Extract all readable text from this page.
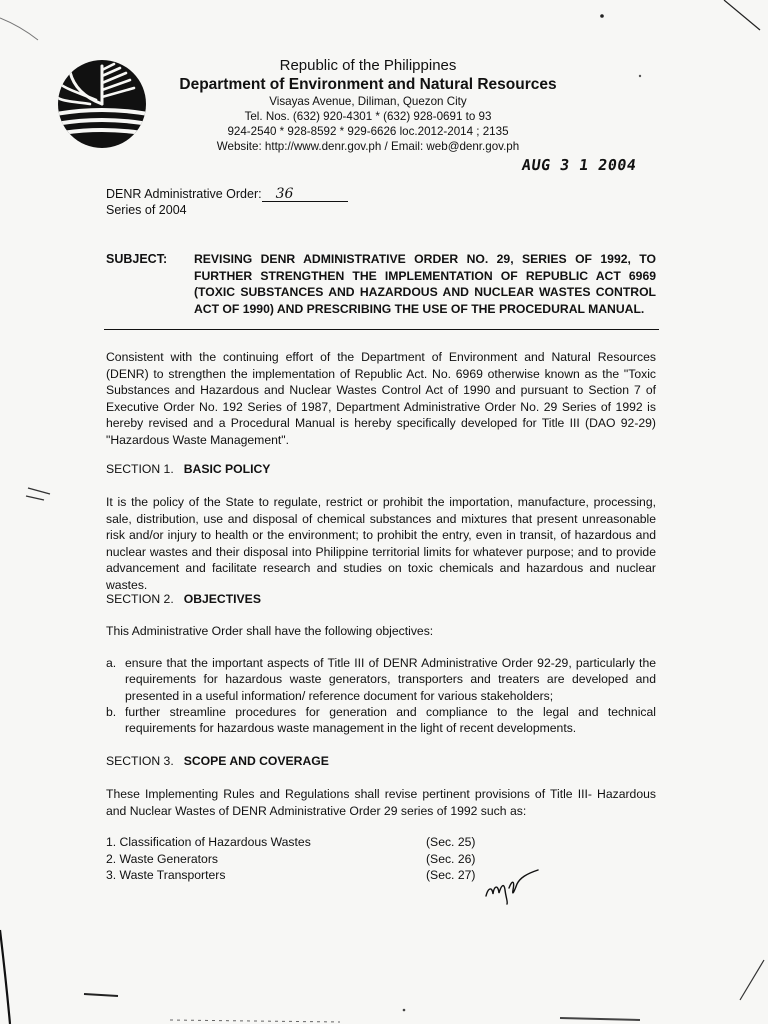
Republic of the Philippines
Department of Environment and Natural Resources
Visayas Avenue, Diliman, Quezon City
Tel. Nos. (632) 920-4301 * (632) 928-0691 to 93
924-2540 * 928-8592 * 929-6626 loc.2012-2014 ; 2135
Website: http://www.denr.gov.ph / Email: web@denr.gov.ph
AUG 3 1 2004
DENR Administrative Order: 36
Series of 2004
SUBJECT: REVISING DENR ADMINISTRATIVE ORDER NO. 29, SERIES OF 1992, TO FURTHER STRENGTHEN THE IMPLEMENTATION OF REPUBLIC ACT 6969 (TOXIC SUBSTANCES AND HAZARDOUS AND NUCLEAR WASTES CONTROL ACT OF 1990) AND PRESCRIBING THE USE OF THE PROCEDURAL MANUAL.
Consistent with the continuing effort of the Department of Environment and Natural Resources (DENR) to strengthen the implementation of Republic Act. No. 6969 otherwise known as the "Toxic Substances and Hazardous and Nuclear Wastes Control Act of 1990 and pursuant to Section 7 of Executive Order No. 192 Series of 1987, Department Administrative Order No. 29 Series of 1992 is hereby revised and a Procedural Manual is hereby specifically developed for Title III (DAO 92-29) "Hazardous Waste Management".
SECTION 1. BASIC POLICY
It is the policy of the State to regulate, restrict or prohibit the importation, manufacture, processing, sale, distribution, use and disposal of chemical substances and mixtures that present unreasonable risk and/or injury to health or the environment; to prohibit the entry, even in transit, of hazardous and nuclear wastes and their disposal into Philippine territorial limits for whatever purpose; and to provide advancement and facilitate research and studies on toxic chemicals and hazardous and nuclear wastes.
SECTION 2. OBJECTIVES
This Administrative Order shall have the following objectives:
a. ensure that the important aspects of Title III of DENR Administrative Order 92-29, particularly the requirements for hazardous waste generators, transporters and treaters are developed and presented in a useful information/ reference document for various stakeholders;
b. further streamline procedures for generation and compliance to the legal and technical requirements for hazardous waste management in the light of recent developments.
SECTION 3. SCOPE AND COVERAGE
These Implementing Rules and Regulations shall revise pertinent provisions of Title III- Hazardous and Nuclear Wastes of DENR Administrative Order 29 series of 1992 such as:
1. Classification of Hazardous Wastes	(Sec. 25)
2. Waste Generators	(Sec. 26)
3. Waste Transporters	(Sec. 27)
